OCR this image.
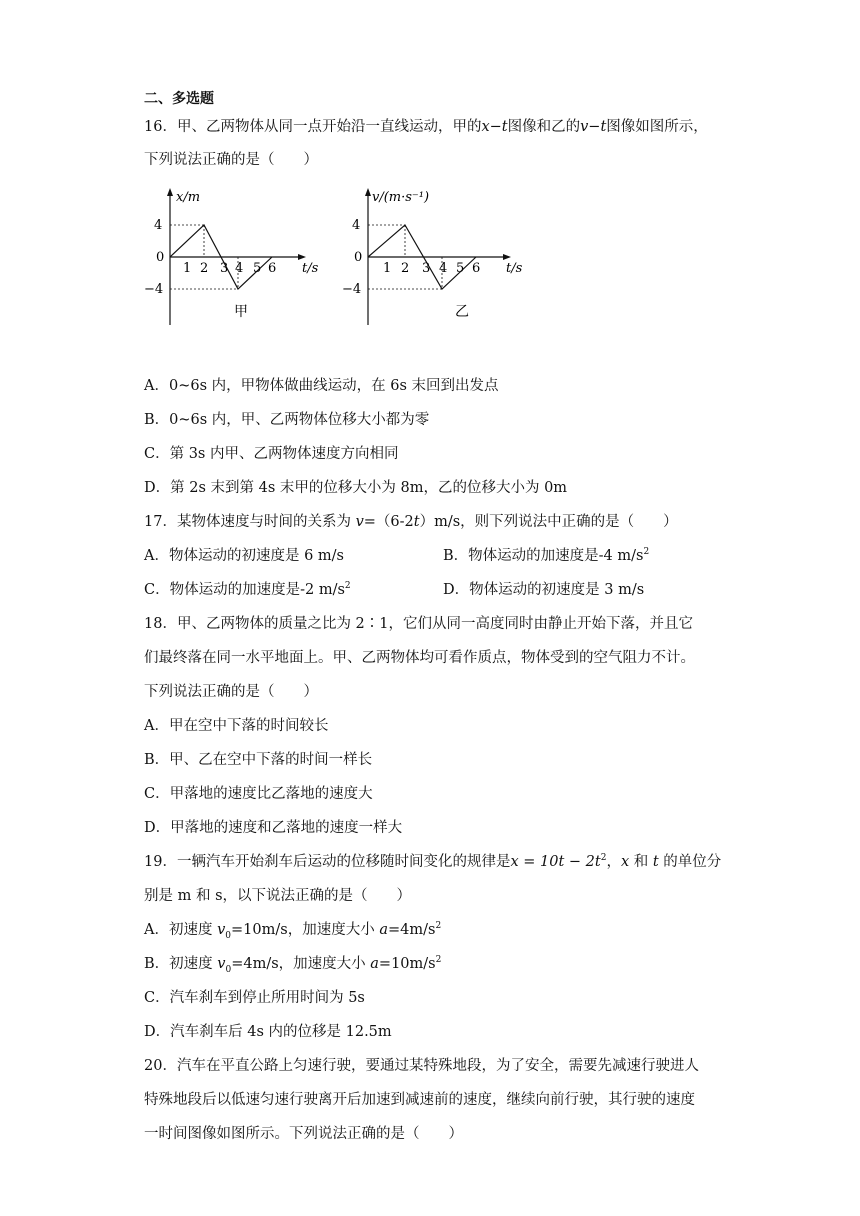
二、多选题
16．甲、乙两物体从同一点开始沿一直线运动，甲的x−t图像和乙的v−t图像如图所示，
下列说法正确的是（　　）
x/m
t/s
4
0
−4
1 2 3 4 5 6
甲
v/(m·s⁻¹)
t/s
4
0
−4
1 2 3 4 5 6
乙
A．0~6s 内，甲物体做曲线运动，在 6s 末回到出发点
B．0~6s 内，甲、乙两物体位移大小都为零
C．第 3s 内甲、乙两物体速度方向相同
D．第 2s 末到第 4s 末甲的位移大小为 8m，乙的位移大小为 0m
17．某物体速度与时间的关系为 v=（6-2t）m/s，则下列说法中正确的是（　　）
A．物体运动的初速度是 6 m/s	B．物体运动的加速度是-4 $m/s^2$
C．物体运动的加速度是-2 $m/s^2$	D．物体运动的初速度是 3 m/s
18．甲、乙两物体的质量之比为 2∶1，它们从同一高度同时由静止开始下落，并且它
们最终落在同一水平地面上。甲、乙两物体均可看作质点，物体受到的空气阻力不计。
下列说法正确的是（　　）
A．甲在空中下落的时间较长
B．甲、乙在空中下落的时间一样长
C．甲落地的速度比乙落地的速度大
D．甲落地的速度和乙落地的速度一样大
19．一辆汽车开始刹车后运动的位移随时间变化的规律是$x = 10t - 2t^2$，x 和 t 的单位分
别是 m 和 s，以下说法正确的是（　　）
A．初速度 $v_0=10m/s$，加速度大小 $a=4m/s^2$
B．初速度 $v_0=4m/s$，加速度大小 $a=10m/s^2$
C．汽车刹车到停止所用时间为 5s
D．汽车刹车后 4s 内的位移是 12.5m
20．汽车在平直公路上匀速行驶，要通过某特殊地段，为了安全，需要先减速行驶进人
特殊地段后以低速匀速行驶离开后加速到减速前的速度，继续向前行驶，其行驶的速度
一时间图像如图所示。下列说法正确的是（　　）
